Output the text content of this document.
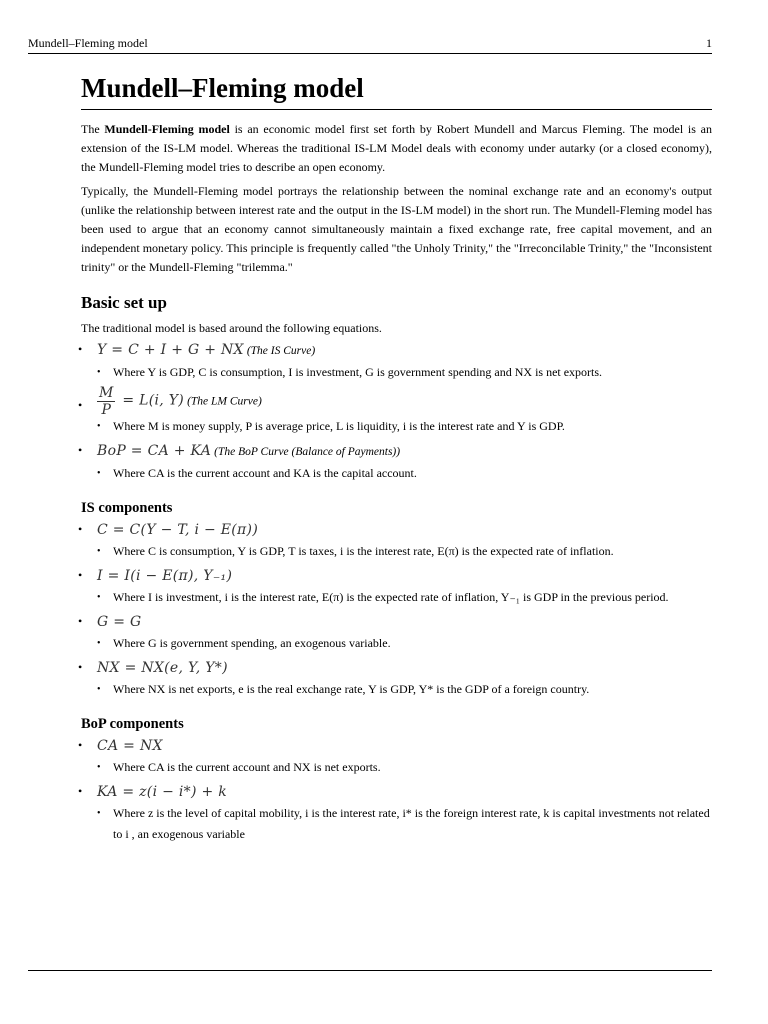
Mundell–Fleming model	1
Mundell–Fleming model

The Mundell-Fleming model is an economic model first set forth by Robert Mundell and Marcus Fleming. The model is an extension of the IS-LM model. Whereas the traditional IS-LM Model deals with economy under autarky (or a closed economy), the Mundell-Fleming model tries to describe an open economy.

Typically, the Mundell-Fleming model portrays the relationship between the nominal exchange rate and an economy's output (unlike the relationship between interest rate and the output in the IS-LM model) in the short run. The Mundell-Fleming model has been used to argue that an economy cannot simultaneously maintain a fixed exchange rate, free capital movement, and an independent monetary policy. This principle is frequently called "the Unholy Trinity," the "Irreconcilable Trinity," the "Inconsistent trinity" or the Mundell-Fleming "trilemma."

Basic set up

The traditional model is based around the following equations.

• Y = C + I + G + NX (The IS Curve)
• Where Y is GDP, C is consumption, I is investment, G is government spending and NX is net exports.
• $\frac{M}{P} = L(i$, Y) (The LM Curve)
• Where M is money supply, P is average price, L is liquidity, i is the interest rate and Y is GDP.
• BoP = CA + KA (The BoP Curve (Balance of Payments))
• Where CA is the current account and KA is the capital account.
IS components
• C = C(Y − T, i − E(π))
• Where C is consumption, Y is GDP, T is taxes, i is the interest rate, E(π) is the expected rate of inflation.
• I = I(i − E(π), Y₋₁)
• Where I is investment, i is the interest rate, E(π) is the expected rate of inflation, Y₋₁ is GDP in the previous period.
• G = G
• Where G is government spending, an exogenous variable.
• NX = NX(e, Y, Y*)
• Where NX is net exports, e is the real exchange rate, Y is GDP, Y* is the GDP of a foreign country.
BoP components
• CA = NX
• Where CA is the current account and NX is net exports.
• KA = z(i − i*) + k
• Where z is the level of capital mobility, i is the interest rate, i* is the foreign interest rate, k is capital investments not related to i , an exogenous variable
